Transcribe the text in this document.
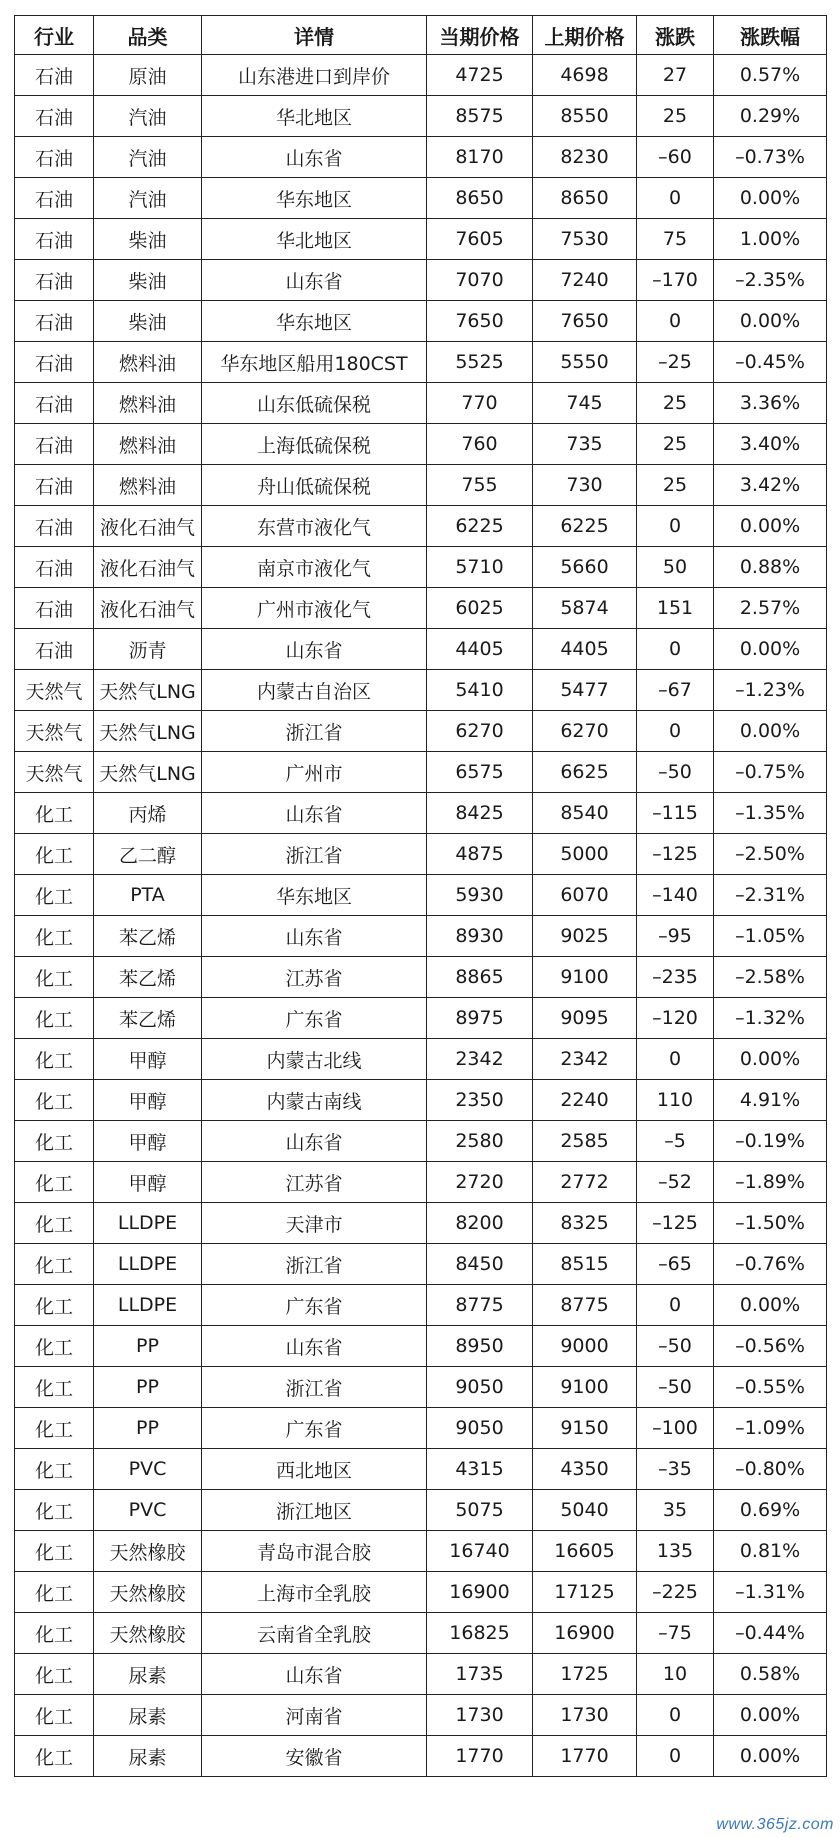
行业	品类	详情	当期价格	上期价格	涨跌	涨跌幅
石油	原油	山东港进口到岸价	4725	4698	27	0.57%
石油	汽油	华北地区	8575	8550	25	0.29%
石油	汽油	山东省	8170	8230	–60	–0.73%
石油	汽油	华东地区	8650	8650	0	0.00%
石油	柴油	华北地区	7605	7530	75	1.00%
石油	柴油	山东省	7070	7240	–170	–2.35%
石油	柴油	华东地区	7650	7650	0	0.00%
石油	燃料油	华东地区船用180CST	5525	5550	–25	–0.45%
石油	燃料油	山东低硫保税	770	745	25	3.36%
石油	燃料油	上海低硫保税	760	735	25	3.40%
石油	燃料油	舟山低硫保税	755	730	25	3.42%
石油	液化石油气	东营市液化气	6225	6225	0	0.00%
石油	液化石油气	南京市液化气	5710	5660	50	0.88%
石油	液化石油气	广州市液化气	6025	5874	151	2.57%
石油	沥青	山东省	4405	4405	0	0.00%
天然气	天然气LNG	内蒙古自治区	5410	5477	–67	–1.23%
天然气	天然气LNG	浙江省	6270	6270	0	0.00%
天然气	天然气LNG	广州市	6575	6625	–50	–0.75%
化工	丙烯	山东省	8425	8540	–115	–1.35%
化工	乙二醇	浙江省	4875	5000	–125	–2.50%
化工	PTA	华东地区	5930	6070	–140	–2.31%
化工	苯乙烯	山东省	8930	9025	–95	–1.05%
化工	苯乙烯	江苏省	8865	9100	–235	–2.58%
化工	苯乙烯	广东省	8975	9095	–120	–1.32%
化工	甲醇	内蒙古北线	2342	2342	0	0.00%
化工	甲醇	内蒙古南线	2350	2240	110	4.91%
化工	甲醇	山东省	2580	2585	–5	–0.19%
化工	甲醇	江苏省	2720	2772	–52	–1.89%
化工	LLDPE	天津市	8200	8325	–125	–1.50%
化工	LLDPE	浙江省	8450	8515	–65	–0.76%
化工	LLDPE	广东省	8775	8775	0	0.00%
化工	PP	山东省	8950	9000	–50	–0.56%
化工	PP	浙江省	9050	9100	–50	–0.55%
化工	PP	广东省	9050	9150	–100	–1.09%
化工	PVC	西北地区	4315	4350	–35	–0.80%
化工	PVC	浙江地区	5075	5040	35	0.69%
化工	天然橡胶	青岛市混合胶	16740	16605	135	0.81%
化工	天然橡胶	上海市全乳胶	16900	17125	–225	–1.31%
化工	天然橡胶	云南省全乳胶	16825	16900	–75	–0.44%
化工	尿素	山东省	1735	1725	10	0.58%
化工	尿素	河南省	1730	1730	0	0.00%
化工	尿素	安徽省	1770	1770	0	0.00%
www.365jz.com
